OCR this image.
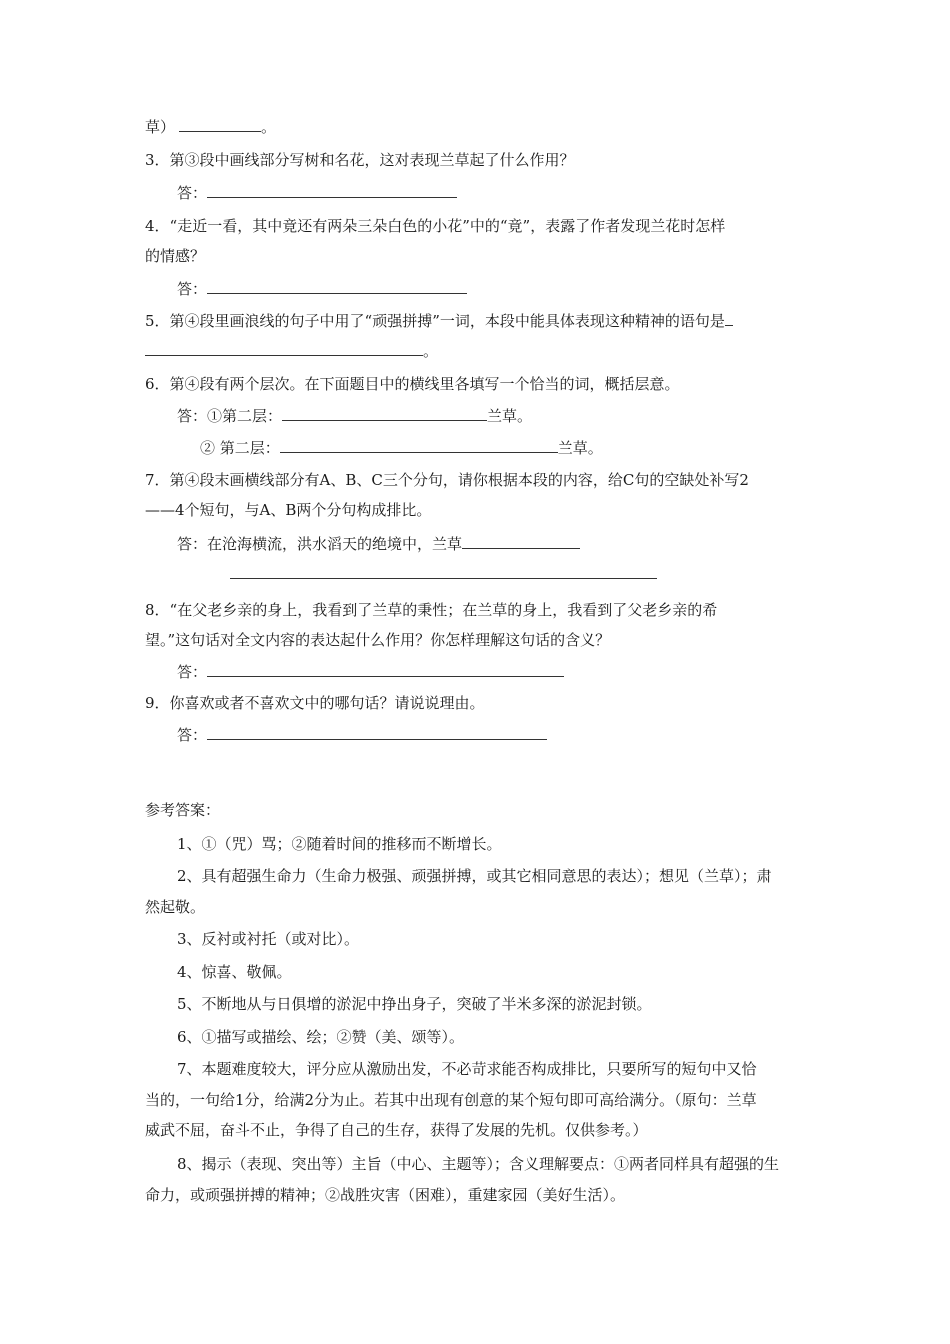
草）	。
3．第③段中画线部分写树和名花，这对表现兰草起了什么作用？
答：
4．“走近一看，其中竟还有两朵三朵白色的小花”中的“竟”，表露了作者发现兰花时怎样
的情感？
答：
5．第④段里画浪线的句子中用了“顽强拼搏”一词，本段中能具体表现这种精神的语句是
。
6．第④段有两个层次。在下面题目中的横线里各填写一个恰当的词，概括层意。
答：①第二层：	兰草。
② 第二层：	兰草。
7．第④段末画横线部分有A、B、C三个分句，请你根据本段的内容，给C句的空缺处补写2
——4个短句，与A、B两个分句构成排比。
答：在沧海横流，洪水滔天的绝境中，兰草
8．“在父老乡亲的身上，我看到了兰草的秉性；在兰草的身上，我看到了父老乡亲的希
望。”这句话对全文内容的表达起什么作用？你怎样理解这句话的含义？
答：
9．你喜欢或者不喜欢文中的哪句话？请说说理由。
答：
参考答案：
1、①（咒）骂；②随着时间的推移而不断增长。
2、具有超强生命力（生命力极强、顽强拼搏，或其它相同意思的表达）；想见（兰草）；肃
然起敬。
3、反衬或衬托（或对比）。
4、惊喜、敬佩。
5、不断地从与日俱增的淤泥中挣出身子，突破了半米多深的淤泥封锁。
6、①描写或描绘、绘；②赞（美、颂等）。
7、本题难度较大，评分应从激励出发，不必苛求能否构成排比，只要所写的短句中又恰
当的，一句给1分，给满2分为止。若其中出现有创意的某个短句即可高给满分。（原句：兰草
威武不屈，奋斗不止，争得了自己的生存，获得了发展的先机。仅供参考。）
8、揭示（表现、突出等）主旨（中心、主题等）；含义理解要点：①两者同样具有超强的生
命力，或顽强拼搏的精神；②战胜灾害（困难），重建家园（美好生活）。
